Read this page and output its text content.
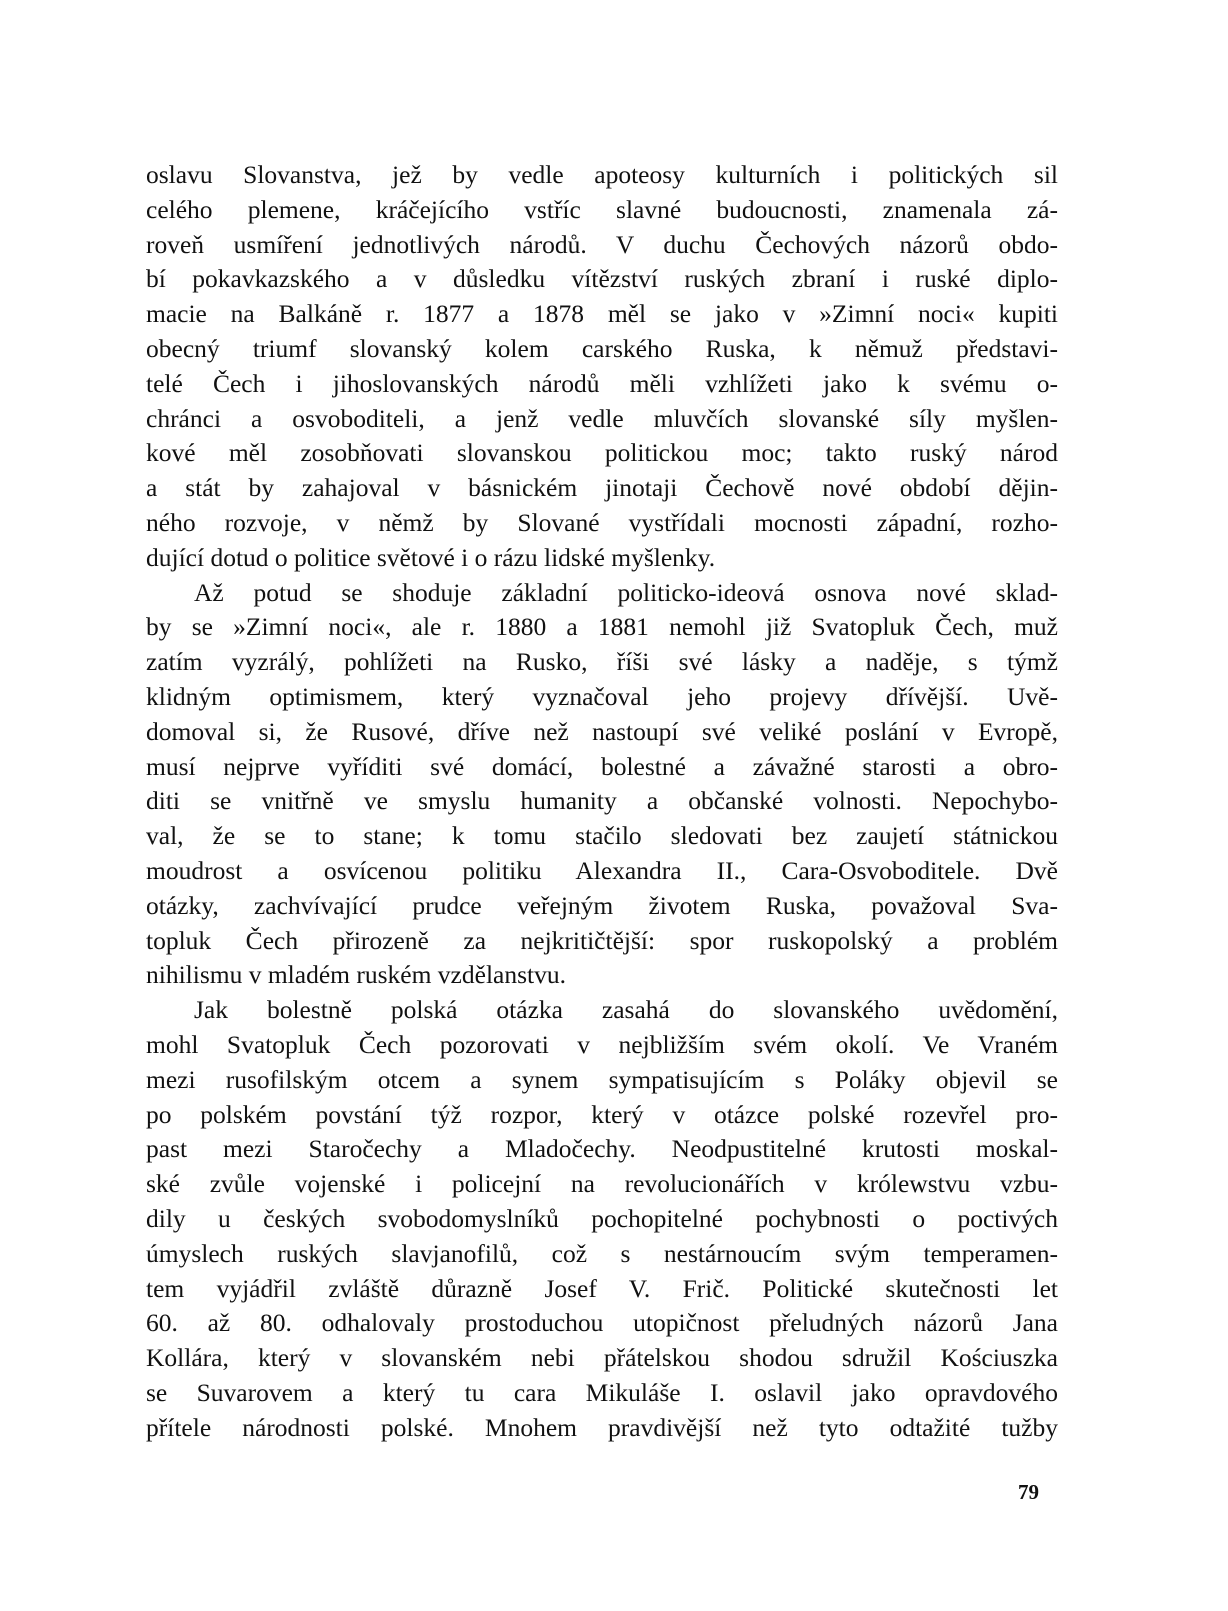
oslavu Slovanstva, jež by vedle apoteosy kulturních i politických sil
celého plemene, kráčejícího vstříc slavné budoucnosti, znamenala zá-
roveň usmíření jednotlivých národů. V duchu Čechových názorů obdo-
bí pokavkazského a v důsledku vítězství ruských zbraní i ruské diplo-
macie na Balkáně r. 1877 a 1878 měl se jako v »Zimní noci« kupiti
obecný triumf slovanský kolem carského Ruska, k němuž představi-
telé Čech i jihoslovanských národů měli vzhlížeti jako k svému o-
chránci a osvoboditeli, a jenž vedle mluvčích slovanské síly myšlen-
kové měl zosobňovati slovanskou politickou moc; takto ruský národ
a stát by zahajoval v básnickém jinotaji Čechově nové období dějin-
ného rozvoje, v němž by Slované vystřídali mocnosti západní, rozho-
dující dotud o politice světové i o rázu lidské myšlenky.
Až potud se shoduje základní politicko-ideová osnova nové sklad-
by se »Zimní noci«, ale r. 1880 a 1881 nemohl již Svatopluk Čech, muž
zatím vyzrálý, pohlížeti na Rusko, říši své lásky a naděje, s týmž
klidným optimismem, který vyznačoval jeho projevy dřívější. Uvě-
domoval si, že Rusové, dříve než nastoupí své veliké poslání v Evropě,
musí nejprve vyříditi své domácí, bolestné a závažné starosti a obro-
diti se vnitřně ve smyslu humanity a občanské volnosti. Nepochybo-
val, že se to stane; k tomu stačilo sledovati bez zaujetí státnickou
moudrost a osvícenou politiku Alexandra II., Cara-Osvoboditele. Dvě
otázky, zachvívající prudce veřejným životem Ruska, považoval Sva-
topluk Čech přirozeně za nejkritičtější: spor ruskopolský a problém
nihilismu v mladém ruském vzdělanstvu.
Jak bolestně polská otázka zasahá do slovanského uvědomění,
mohl Svatopluk Čech pozorovati v nejbližším svém okolí. Ve Vraném
mezi rusofilským otcem a synem sympatisujícím s Poláky objevil se
po polském povstání týž rozpor, který v otázce polské rozevřel pro-
past mezi Staročechy a Mladočechy. Neodpustitelné krutosti moskal-
ské zvůle vojenské i policejní na revolucionářích v królewstvu vzbu-
dily u českých svobodomyslníků pochopitelné pochybnosti o poctivých
úmyslech ruských slavjanofilů, což s nestárnoucím svým temperamen-
tem vyjádřil zvláště důrazně Josef V. Frič. Politické skutečnosti let
60. až 80. odhalovaly prostoduchou utopičnost přeludných názorů Jana
Kollára, který v slovanském nebi přátelskou shodou sdružil Kościuszka
se Suvarovem a který tu cara Mikuláše I. oslavil jako opravdového
přítele národnosti polské. Mnohem pravdivější než tyto odtažité tužby
79
